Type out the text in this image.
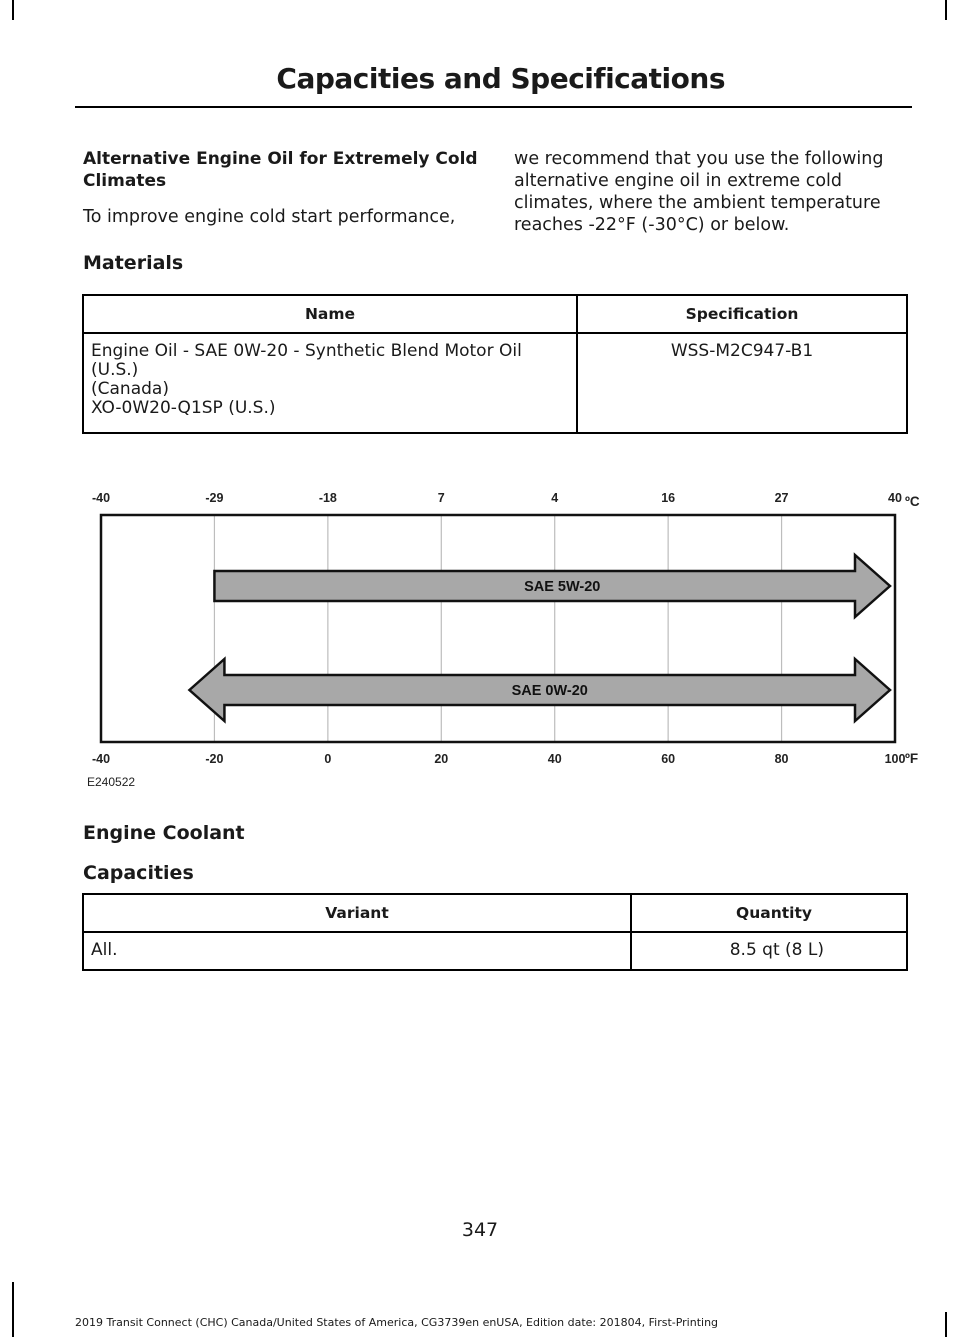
Capacities and Specifications
Alternative Engine Oil for Extremely Cold Climates
To improve engine cold start performance,
we recommend that you use the following alternative engine oil in extreme cold climates, where the ambient temperature reaches -22°F (-30°C) or below.
Materials
Name	Specification

Engine Oil - SAE 0W-20 - Synthetic Blend Motor Oil
(U.S.)
(Canada)
XO-0W20-Q1SP (U.S.)	WSS-M2C947-B1
-40	-29	-18	7	4	16	27	40 ºC
-40	-20	0	20	40	60	80	100 ºF
SAE 5W-20
SAE 0W-20
E240522
Engine Coolant
Capacities
Variant	Quantity
All.	8.5 qt (8 L)
347
2019 Transit Connect (CHC) Canada/United States of America, CG3739en enUSA, Edition date: 201804, First-Printing
